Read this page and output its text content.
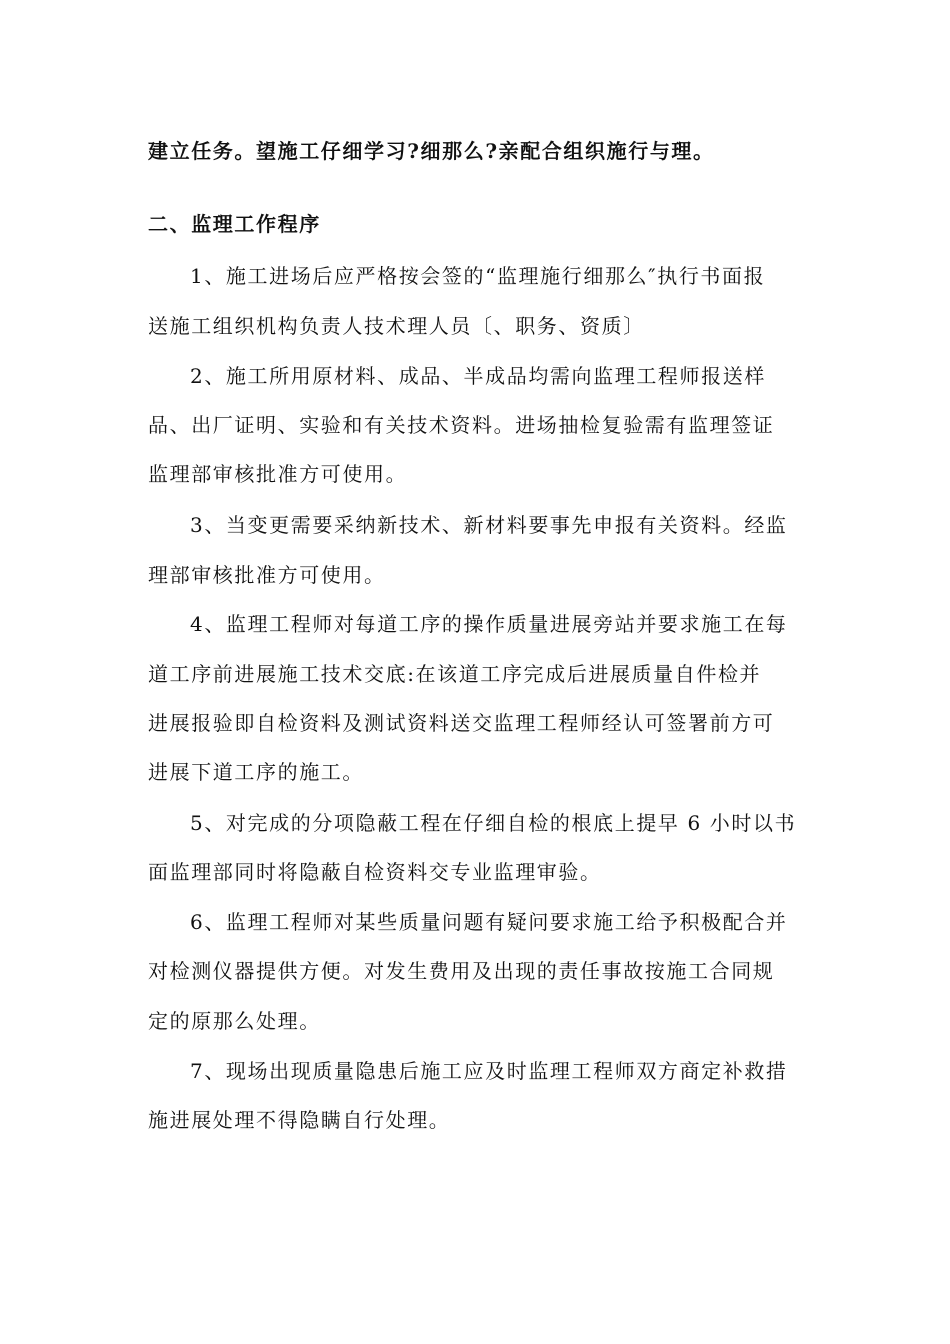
建立任务。望施工仔细学习?细那么?亲配合组织施行与理。
二、监理工作程序
1、施工进场后应严格按会签的“监理施行细那么″执行书面报
送施工组织机构负责人技术理人员〔、职务、资质〕
2、施工所用原材料、成品、半成品均需向监理工程师报送样
品、出厂证明、实验和有关技术资料。进场抽检复验需有监理签证
监理部审核批准方可使用。
3、当变更需要采纳新技术、新材料要事先申报有关资料。经监
理部审核批准方可使用。
4、监理工程师对每道工序的操作质量进展旁站并要求施工在每
道工序前进展施工技术交底:在该道工序完成后进展质量自件检并
进展报验即自检资料及测试资料送交监理工程师经认可签署前方可
进展下道工序的施工。
5、对完成的分项隐蔽工程在仔细自检的根底上提早 6 小时以书
面监理部同时将隐蔽自检资料交专业监理审验。
6、监理工程师对某些质量问题有疑问要求施工给予积极配合并
对检测仪器提供方便。对发生费用及出现的责任事故按施工合同规
定的原那么处理。
7、现场出现质量隐患后施工应及时监理工程师双方商定补救措
施进展处理不得隐瞒自行处理。
